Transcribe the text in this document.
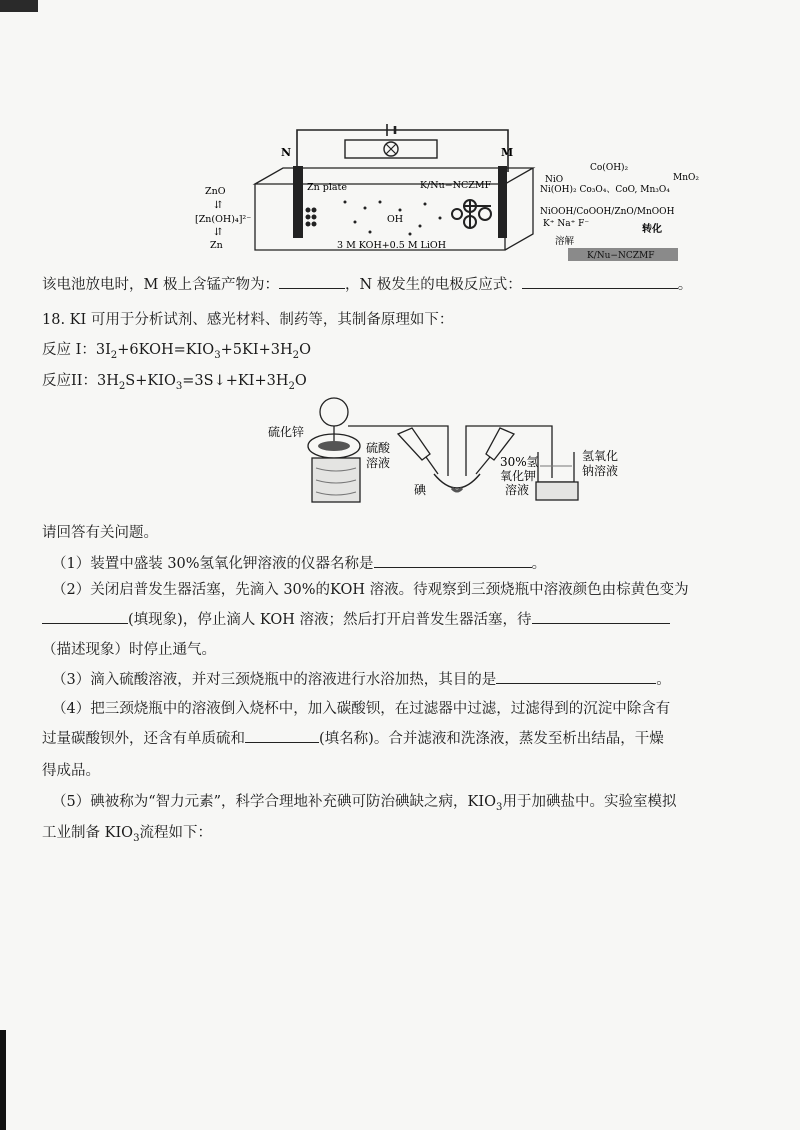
N	M
Zn plate	K/Nu−NCZMF
OH
3 M KOH+0.5 M LiOH
ZnO
⇵
[Zn(OH)₄]²⁻
⇵
Zn
Co(OH)₂
NiO	MnO₂
Ni(OH)₂ Co₃O₄、CoO, Mn₃O₄
NiOOH/CoOOH/ZnO/MnOOH
K⁺ Na⁺ F⁻	转化
溶解
K/Nu−NCZMF
该电池放电时，M 极上含锰产物为：	，N 极发生的电极反应式：	。
18. KI 可用于分析试剂、感光材料、制药等，其制备原理如下：
反应 I：$3I_2+6KOH=KIO_3+5KI+3H_2O$
反应II：$3H_2S+KIO_3=3S↓+KI+3H_2O$
硫化锌
硫酸
溶液
碘
30%氢
氧化钾
溶液
氢氧化
钠溶液
请回答有关问题。
（1）装置中盛装 30%氢氧化钾溶液的仪器名称是	。
（2）关闭启普发生器活塞，先滴入 30%的KOH 溶液。待观察到三颈烧瓶中溶液颜色由棕黄色变为
(填现象)，停止滴人 KOH 溶液；然后打开启普发生器活塞，待
（描述现象）时停止通气。
（3）滴入硫酸溶液，并对三颈烧瓶中的溶液进行水浴加热，其目的是	。
（4）把三颈烧瓶中的溶液倒入烧杯中，加入碳酸钡，在过滤器中过滤，过滤得到的沉淀中除含有
过量碳酸钡外，还含有单质硫和	(填名称)。合并滤液和洗涤液，蒸发至析出结晶，干燥
得成品。
（5）碘被称为“智力元素”，科学合理地补充碘可防治碘缺之病，$KIO_3$用于加碘盐中。实验室模拟
工业制备 $KIO_3$流程如下：
